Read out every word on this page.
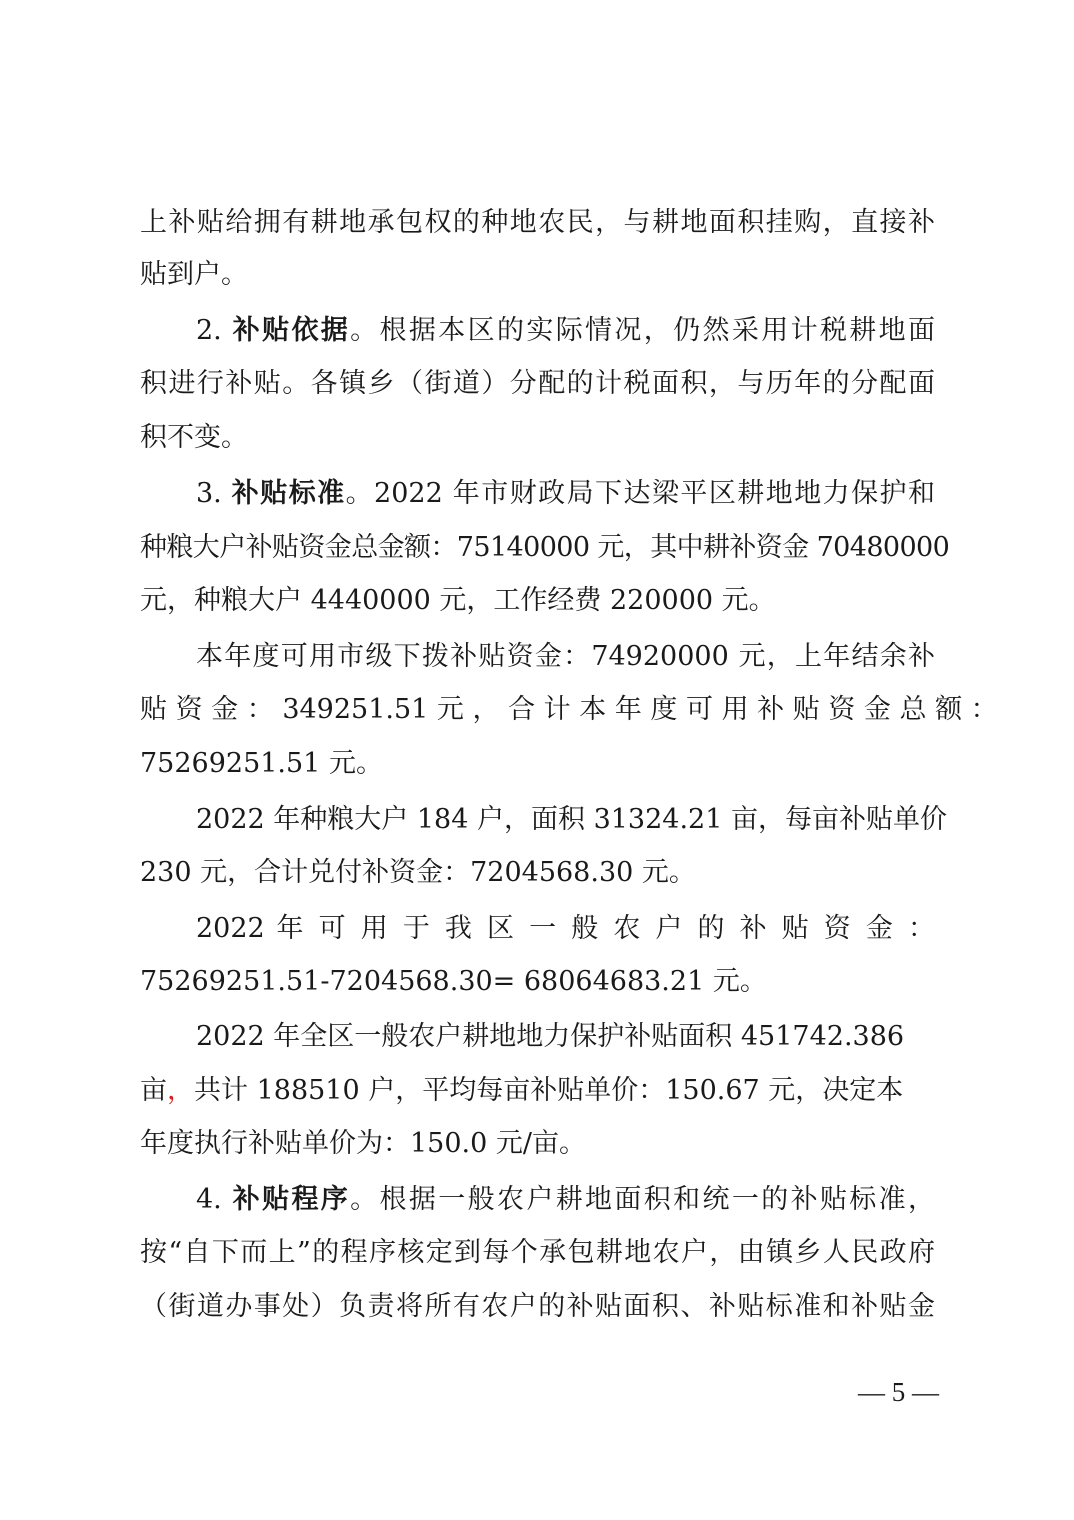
上补贴给拥有耕地承包权的种地农民，与耕地面积挂购，直接补
贴到户。
2. 补贴依据。根据本区的实际情况，仍然采用计税耕地面
积进行补贴。各镇乡（街道）分配的计税面积，与历年的分配面
积不变。
3. 补贴标准。2022 年市财政局下达梁平区耕地地力保护和
种粮大户补贴资金总金额：75140000 元，其中耕补资金 70480000
元，种粮大户 4440000 元，工作经费 220000 元。
本年度可用市级下拨补贴资金：74920000 元，上年结余补
贴 资 金 ： 349251.51 元 ， 合 计 本 年 度 可 用 补 贴 资 金 总 额 ：
75269251.51 元。
2022 年种粮大户 184 户，面积 31324.21 亩，每亩补贴单价
230 元，合计兑付补资金：7204568.30 元。
2022 年 可 用 于 我 区 一 般 农 户 的 补 贴 资 金 ：
75269251.51-7204568.30= 68064683.21 元。
2022 年全区一般农户耕地地力保护补贴面积 451742.386
亩，共计 188510 户，平均每亩补贴单价：150.67 元，决定本
年度执行补贴单价为：150.0 元/亩。
4. 补贴程序。根据一般农户耕地面积和统一的补贴标准，
按“自下而上”的程序核定到每个承包耕地农户，由镇乡人民政府
（街道办事处）负责将所有农户的补贴面积、补贴标准和补贴金
— 5 —
